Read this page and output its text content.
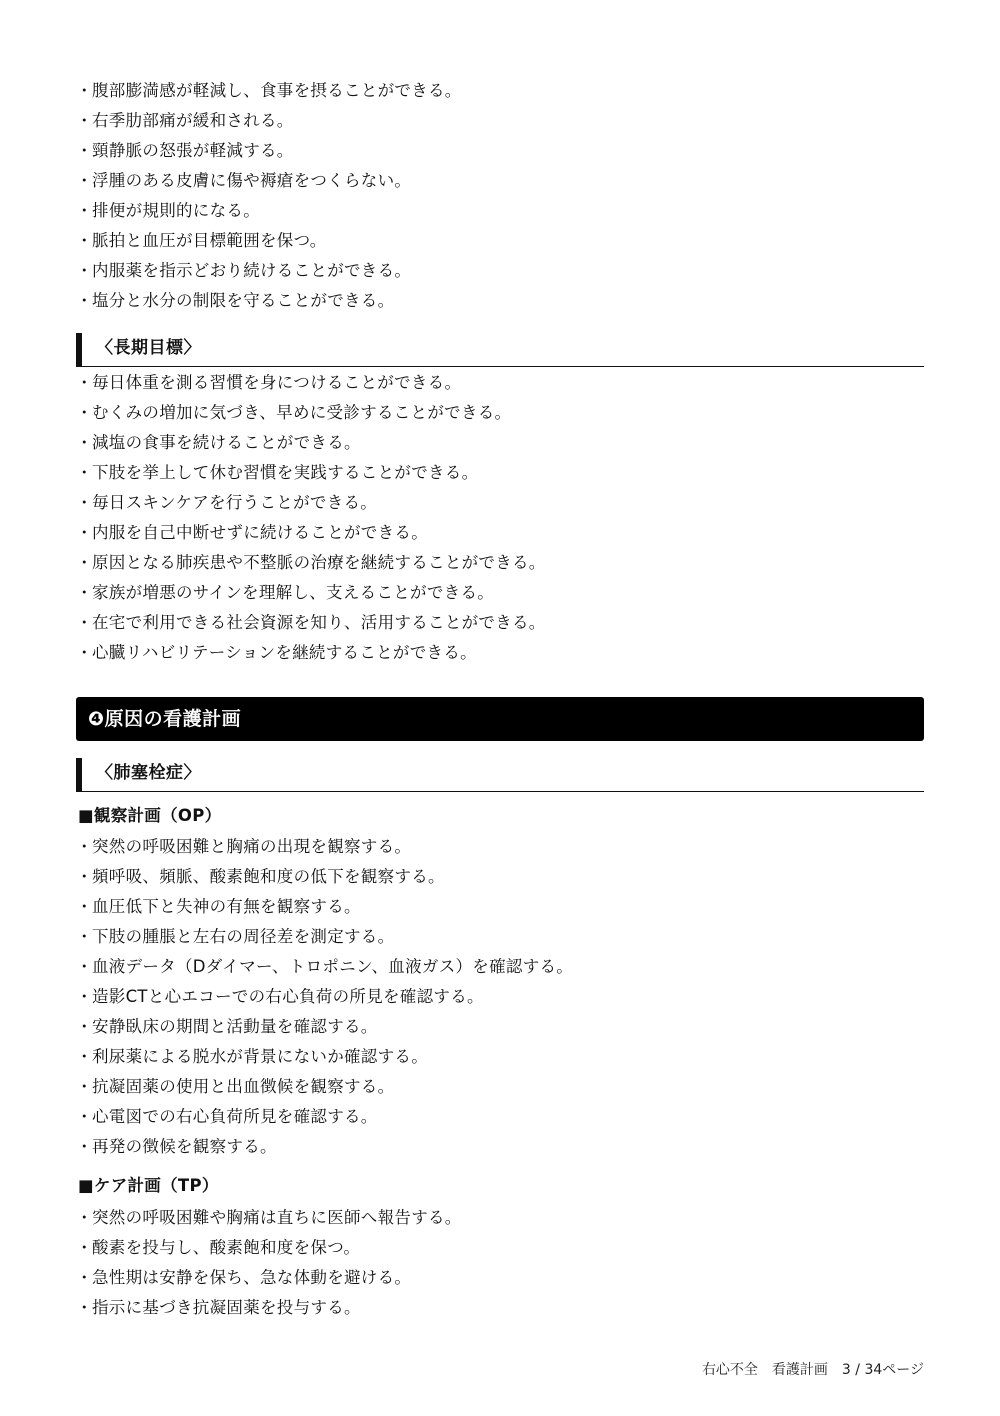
・ 腹部膨満感が軽減し、食事を摂ることができる。
・ 右季肋部痛が緩和される。
・ 頸静脈の怒張が軽減する。
・ 浮腫のある皮膚に傷や褥瘡をつくらない。
・ 排便が規則的になる。
・ 脈拍と血圧が目標範囲を保つ。
・ 内服薬を指示どおり続けることができる。
・ 塩分と水分の制限を守ることができる。
〈長期目標〉
・ 毎日体重を測る習慣を身につけることができる。
・ むくみの増加に気づき、早めに受診することができる。
・ 減塩の食事を続けることができる。
・ 下肢を挙上して休む習慣を実践することができる。
・ 毎日スキンケアを行うことができる。
・ 内服を自己中断せずに続けることができる。
・ 原因となる肺疾患や不整脈の治療を継続することができる。
・ 家族が増悪のサインを理解し、支えることができる。
・ 在宅で利用できる社会資源を知り、活用することができる。
・ 心臓リハビリテーションを継続することができる。
❹原因の看護計画
〈肺塞栓症〉
■観察計画（OP）
・ 突然の呼吸困難と胸痛の出現を観察する。
・ 頻呼吸、頻脈、酸素飽和度の低下を観察する。
・ 血圧低下と失神の有無を観察する。
・ 下肢の腫脹と左右の周径差を測定する。
・ 血液データ（Dダイマー、トロポニン、血液ガス）を確認する。
・ 造影CTと心エコーでの右心負荷の所見を確認する。
・ 安静臥床の期間と活動量を確認する。
・ 利尿薬による脱水が背景にないか確認する。
・ 抗凝固薬の使用と出血徴候を観察する。
・ 心電図での右心負荷所見を確認する。
・ 再発の徴候を観察する。
■ケア計画（TP）
・ 突然の呼吸困難や胸痛は直ちに医師へ報告する。
・ 酸素を投与し、酸素飽和度を保つ。
・ 急性期は安静を保ち、急な体動を避ける。
・ 指示に基づき抗凝固薬を投与する。
右心不全　看護計画　3 / 34ページ
